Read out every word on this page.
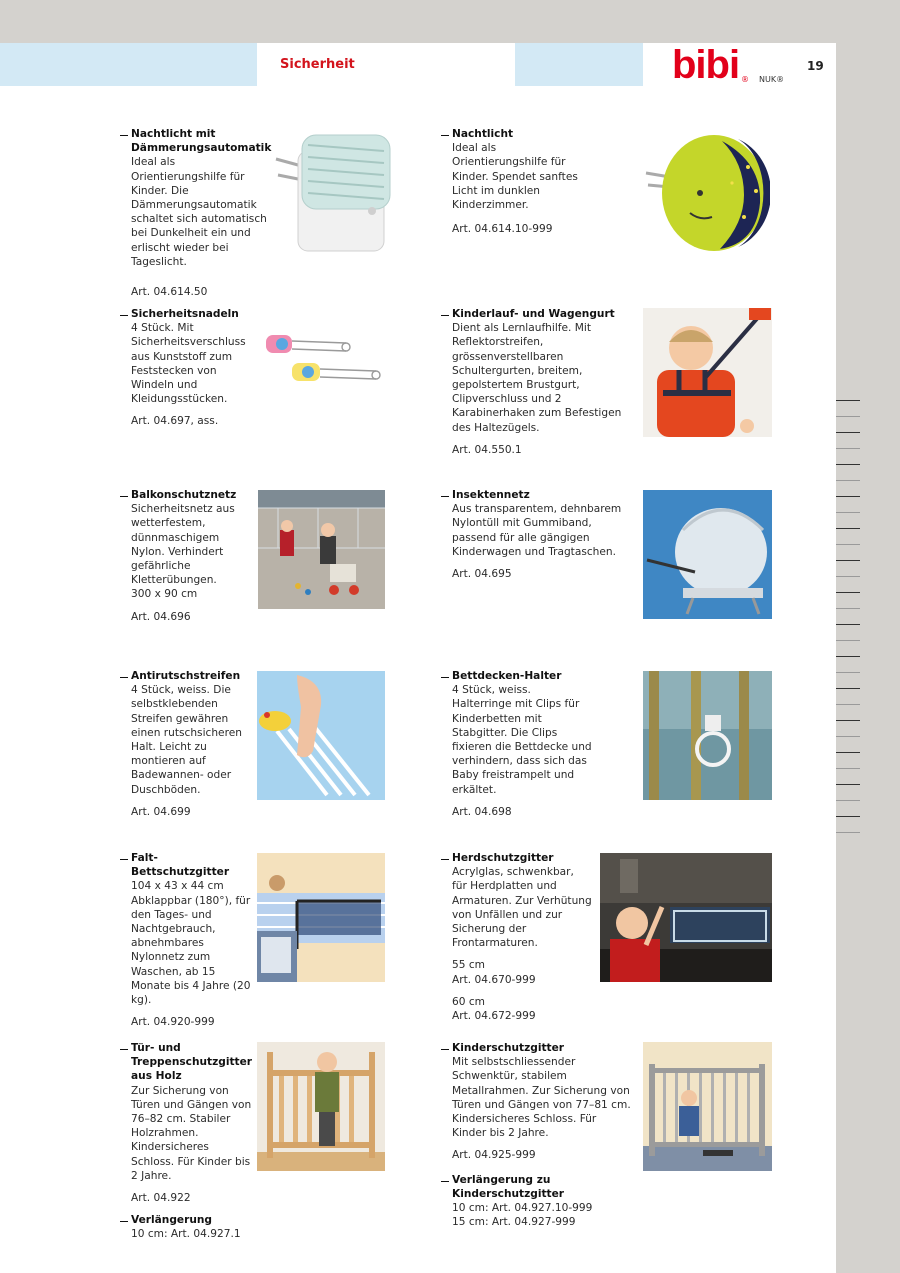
Sicherheit	bibi ® NUK®
19
Nachtlicht mit Dämmerungsautomatik
Ideal als Orientierungshilfe für Kinder. Die Dämmerungsautomatik schaltet sich automatisch bei Dunkelheit ein und erlischt wieder bei Tageslicht.
Art. 04.614.50
Nachtlicht
Ideal als Orientierungshilfe für Kinder. Spendet sanftes Licht im dunklen Kinderzimmer.
Art. 04.614.10-999
Sicherheitsnadeln
4 Stück. Mit Sicherheitsverschluss aus Kunststoff zum Feststecken von Windeln und Kleidungsstücken.
Art. 04.697, ass.
Kinderlauf- und Wagengurt
Dient als Lernlaufhilfe. Mit Reflektorstreifen, grössenverstellbaren Schultergurten, breitem, gepolstertem Brustgurt, Clipverschluss und 2 Karabinerhaken zum Befestigen des Haltezügels.
Art. 04.550.1
Balkonschutznetz
Sicherheitsnetz aus wetterfestem, dünnmaschigem Nylon. Verhindert gefährliche Kletterübungen.
300 x 90 cm
Art. 04.696
Insektennetz
Aus transparentem, dehnbarem Nylontüll mit Gummiband, passend für alle gängigen Kinderwagen und Tragtaschen.
Art. 04.695
Antirutschstreifen
4 Stück, weiss. Die selbstklebenden Streifen gewähren einen rutschsicheren Halt. Leicht zu montieren auf Badewannen- oder Duschböden.
Art. 04.699
Bettdecken-Halter
4 Stück, weiss. Halterringe mit Clips für Kinderbetten mit Stabgitter. Die Clips fixieren die Bettdecke und verhindern, dass sich das Baby freistrampelt und erkältet.
Art. 04.698
Falt-Bettschutzgitter
104 x 43 x 44 cm Abklappbar (180°), für den Tages- und Nachtgebrauch, abnehmbares Nylonnetz zum Waschen, ab 15 Monate bis 4 Jahre (20 kg).
Art. 04.920-999
Herdschutzgitter
Acrylglas, schwenkbar, für Herdplatten und Armaturen. Zur Verhütung von Unfällen und zur Sicherung der Frontarmaturen.
55 cm
Art. 04.670-999
60 cm
Art. 04.672-999
Tür- und Treppenschutzgitter aus Holz
Zur Sicherung von Türen und Gängen von 76–82 cm. Stabiler Holzrahmen. Kindersicheres Schloss. Für Kinder bis 2 Jahre.
Art. 04.922
Verlängerung
10 cm: Art. 04.927.1
Kinderschutzgitter
Mit selbstschliessender Schwenktür, stabilem Metallrahmen. Zur Sicherung von Türen und Gängen von 77–81 cm. Kindersicheres Schloss. Für Kinder bis 2 Jahre.
Art. 04.925-999
Verlängerung zu Kinderschutzgitter
10 cm: Art. 04.927.10-999
15 cm: Art. 04.927-999
